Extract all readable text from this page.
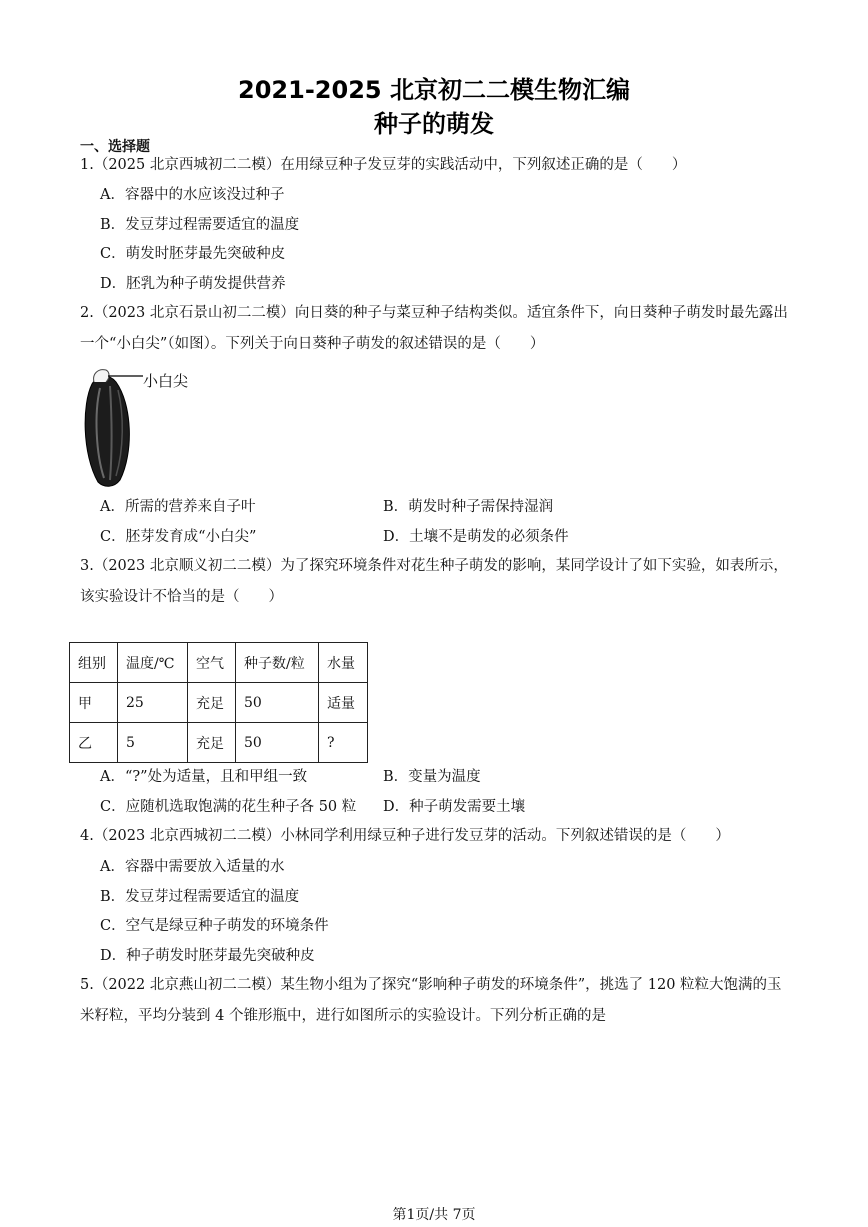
2021-2025 北京初二二模生物汇编
种子的萌发
一、选择题
1.（2025 北京西城初二二模）在用绿豆种子发豆芽的实践活动中，下列叙述正确的是（　　）
A．容器中的水应该没过种子
B．发豆芽过程需要适宜的温度
C．萌发时胚芽最先突破种皮
D．胚乳为种子萌发提供营养
2.（2023 北京石景山初二二模）向日葵的种子与菜豆种子结构类似。适宜条件下，向日葵种子萌发时最先露出一个“小白尖”（如图）。下列关于向日葵种子萌发的叙述错误的是（　　）
小白尖
A．所需的营养来自子叶	B．萌发时种子需保持湿润
C．胚芽发育成“小白尖”	D．土壤不是萌发的必须条件
3.（2023 北京顺义初二二模）为了探究环境条件对花生种子萌发的影响，某同学设计了如下实验，如表所示，该实验设计不恰当的是（　　）
组别	温度/℃	空气	种子数/粒	水量
甲	25	充足	50	适量
乙	5	充足	50	?
A．“?”处为适量，且和甲组一致	B．变量为温度
C．应随机选取饱满的花生种子各 50 粒 D．种子萌发需要土壤
4.（2023 北京西城初二二模）小林同学利用绿豆种子进行发豆芽的活动。下列叙述错误的是（　　）
A．容器中需要放入适量的水
B．发豆芽过程需要适宜的温度
C．空气是绿豆种子萌发的环境条件
D．种子萌发时胚芽最先突破种皮
5.（2022 北京燕山初二二模）某生物小组为了探究“影响种子萌发的环境条件”，挑选了 120 粒粒大饱满的玉米籽粒，平均分装到 4 个锥形瓶中，进行如图所示的实验设计。下列分析正确的是
第1页/共 7页
